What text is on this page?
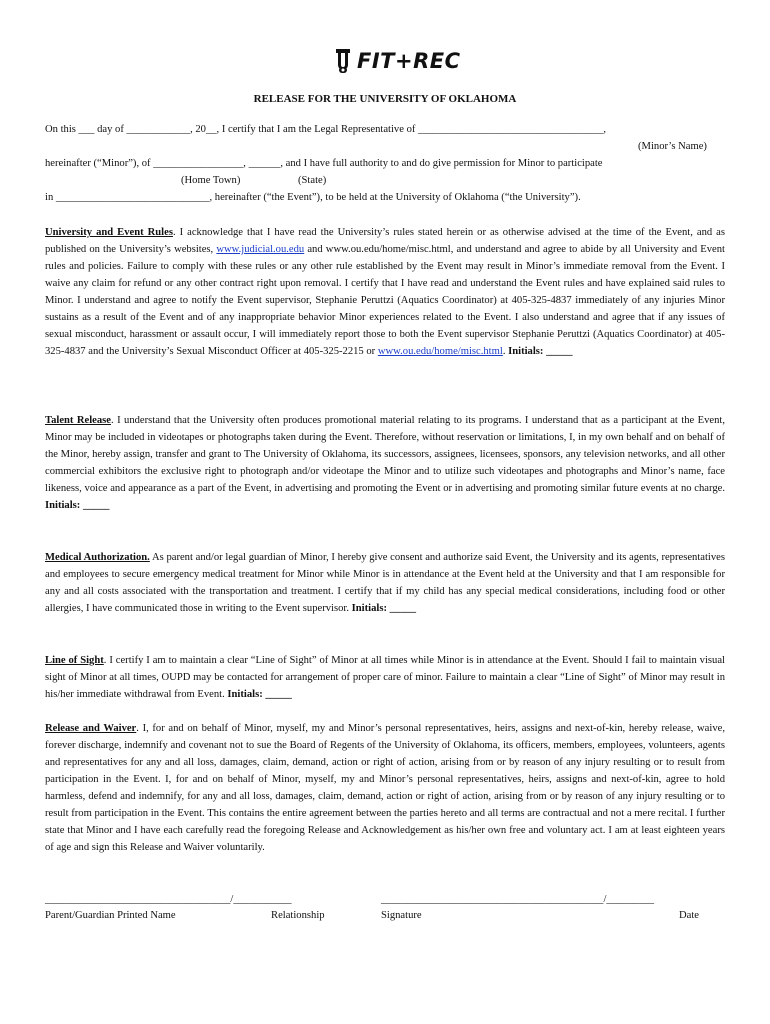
FIT+REC
RELEASE FOR THE UNIVERSITY OF OKLAHOMA
On this ___ day of ____________, 20__, I certify that I am the Legal Representative of ___________________________________,
(Minor’s Name)
hereinafter (“Minor”), of _________________, ______, and I have full authority to and do give permission for Minor to participate
(Home Town)	(State)
in _____________________________, hereinafter (“the Event”), to be held at the University of Oklahoma (“the University”).
University and Event Rules. I acknowledge that I have read the University’s rules stated herein or as otherwise advised at the time of the Event, and as published on the University’s websites, www.judicial.ou.edu and www.ou.edu/home/misc.html, and understand and agree to abide by all University and Event rules and policies. Failure to comply with these rules or any other rule established by the Event may result in Minor’s immediate removal from the Event. I waive any claim for refund or any other contract right upon removal. I certify that I have read and understand the Event rules and have explained said rules to Minor. I understand and agree to notify the Event supervisor, Stephanie Peruttzi (Aquatics Coordinator) at 405-325-4837 immediately of any injuries Minor sustains as a result of the Event and of any inappropriate behavior Minor experiences related to the Event. I also understand and agree that if any issues of sexual misconduct, harassment or assault occur, I will immediately report those to both the Event supervisor Stephanie Peruttzi (Aquatics Coordinator) at 405-325-4837 and the University’s Sexual Misconduct Officer at 405-325-2215 or www.ou.edu/home/misc.html. Initials: _____
Talent Release. I understand that the University often produces promotional material relating to its programs. I understand that as a participant at the Event, Minor may be included in videotapes or photographs taken during the Event. Therefore, without reservation or limitations, I, in my own behalf and on behalf of the Minor, hereby assign, transfer and grant to The University of Oklahoma, its successors, assignees, licensees, sponsors, any television networks, and all other commercial exhibitors the exclusive right to photograph and/or videotape the Minor and to utilize such videotapes and photographs and Minor’s name, face likeness, voice and appearance as a part of the Event, in advertising and promoting the Event or in advertising and promoting similar future events at no charge. Initials: _____
Medical Authorization. As parent and/or legal guardian of Minor, I hereby give consent and authorize said Event, the University and its agents, representatives and employees to secure emergency medical treatment for Minor while Minor is in attendance at the Event held at the University and that I am responsible for any and all costs associated with the transportation and treatment. I certify that if my child has any special medical considerations, including food or other allergies, I have communicated those in writing to the Event supervisor. Initials: _____
Line of Sight. I certify I am to maintain a clear “Line of Sight” of Minor at all times while Minor is in attendance at the Event. Should I fail to maintain visual sight of Minor at all times, OUPD may be contacted for arrangement of proper care of minor. Failure to maintain a clear “Line of Sight” of Minor may result in his/her immediate withdrawal from Event. Initials: _____
Release and Waiver. I, for and on behalf of Minor, myself, my and Minor’s personal representatives, heirs, assigns and next-of-kin, hereby release, waive, forever discharge, indemnify and covenant not to sue the Board of Regents of the University of Oklahoma, its officers, members, employees, volunteers, agents and representatives for any and all loss, damages, claim, demand, action or right of action, arising from or by reason of any injury resulting or to result from participation in the Event. I, for and on behalf of Minor, myself, my and Minor’s personal representatives, heirs, assigns and next-of-kin, agree to hold harmless, defend and indemnify, for any and all loss, damages, claim, demand, action or right of action, arising from or by reason of any injury resulting or to result from participation in the Event. This contains the entire agreement between the parties hereto and all terms are contractual and not a mere recital. I further state that Minor and I have each carefully read the foregoing Release and Acknowledgement as his/her own free and voluntary act. I am at least eighteen years of age and sign this Release and Waiver voluntarily.
___________________________________/___________	__________________________________________/_________
Parent/Guardian Printed Name	Relationship	Signature	Date
